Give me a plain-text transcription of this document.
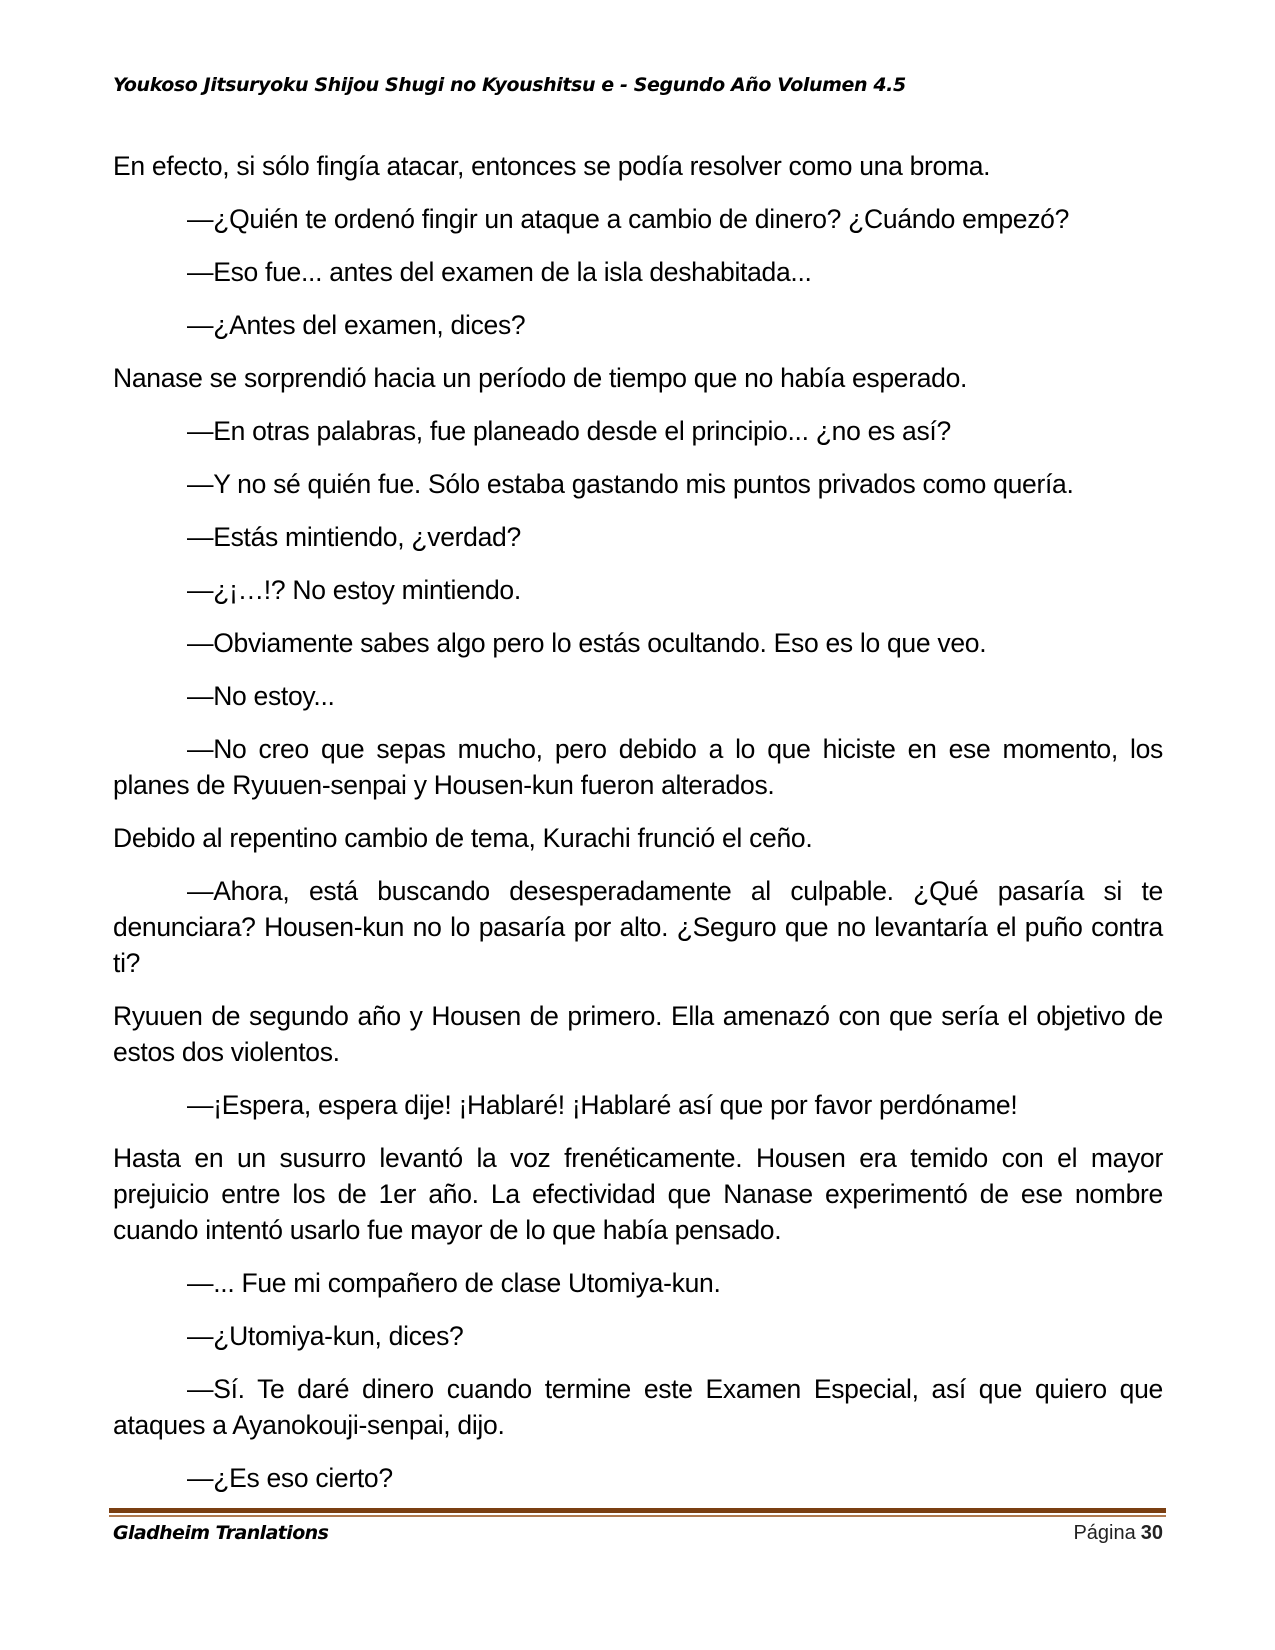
Youkoso Jitsuryoku Shijou Shugi no Kyoushitsu e - Segundo Año Volumen 4.5

En efecto, si sólo fingía atacar, entonces se podía resolver como una broma.

—¿Quién te ordenó fingir un ataque a cambio de dinero? ¿Cuándo empezó?

—Eso fue... antes del examen de la isla deshabitada...

—¿Antes del examen, dices?

Nanase se sorprendió hacia un período de tiempo que no había esperado.

—En otras palabras, fue planeado desde el principio... ¿no es así?

—Y no sé quién fue. Sólo estaba gastando mis puntos privados como quería.

—Estás mintiendo, ¿verdad?

—¿¡…!? No estoy mintiendo.

—Obviamente sabes algo pero lo estás ocultando. Eso es lo que veo.

—No estoy...

—No creo que sepas mucho, pero debido a lo que hiciste en ese momento, los planes de Ryuuen-senpai y Housen-kun fueron alterados.

Debido al repentino cambio de tema, Kurachi frunció el ceño.

—Ahora, está buscando desesperadamente al culpable. ¿Qué pasaría si te denunciara? Housen-kun no lo pasaría por alto. ¿Seguro que no levantaría el puño contra ti?

Ryuuen de segundo año y Housen de primero. Ella amenazó con que sería el objetivo de estos dos violentos.

—¡Espera, espera dije! ¡Hablaré! ¡Hablaré así que por favor perdóname!

Hasta en un susurro levantó la voz frenéticamente. Housen era temido con el mayor prejuicio entre los de 1er año. La efectividad que Nanase experimentó de ese nombre cuando intentó usarlo fue mayor de lo que había pensado.

—... Fue mi compañero de clase Utomiya-kun.

—¿Utomiya-kun, dices?

—Sí. Te daré dinero cuando termine este Examen Especial, así que quiero que ataques a Ayanokouji-senpai, dijo.

—¿Es eso cierto?

Gladheim Tranlations	Página 30
